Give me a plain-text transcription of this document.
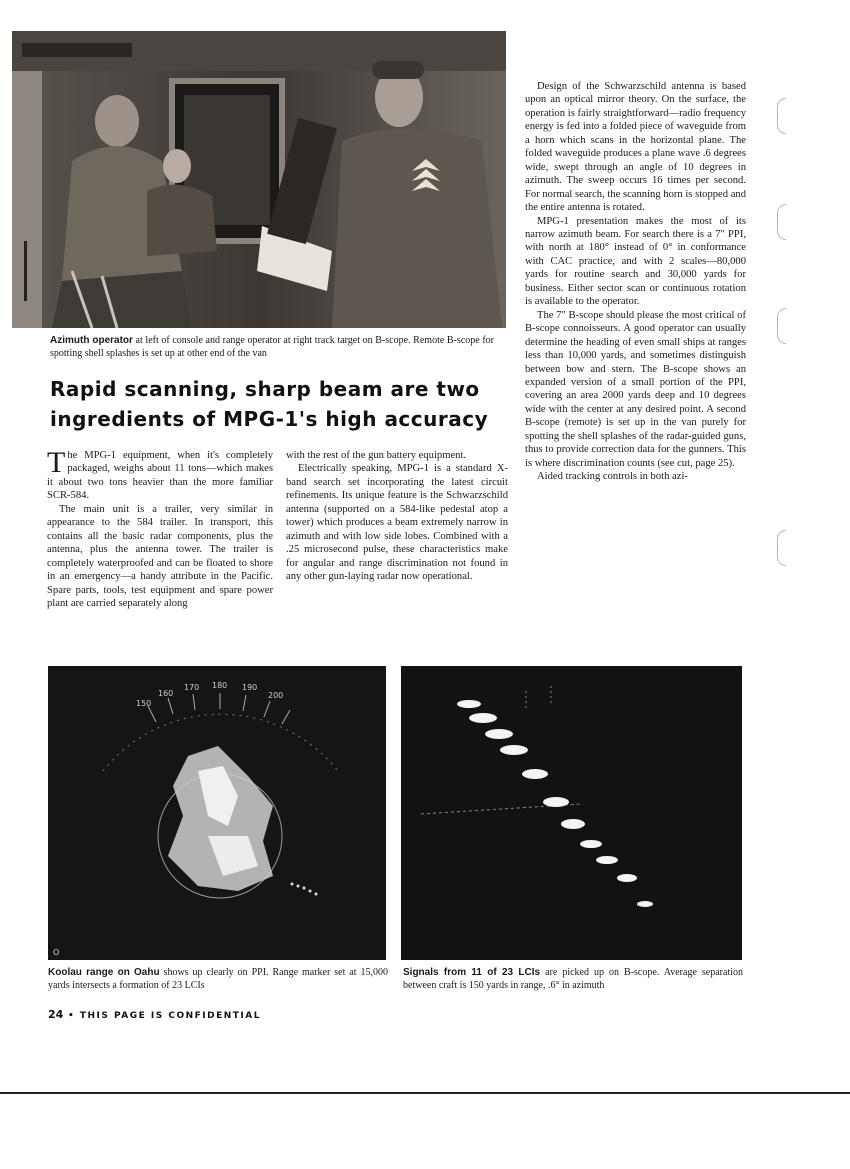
Azimuth operator at left of console and range operator at right track target on B-scope. Remote B-scope for spotting shell splashes is set up at other end of the van
Rapid scanning, sharp beam are two ingredients of MPG-1's high accuracy

The MPG-1 equipment, when it's completely packaged, weighs about 11 tons—which makes it about two tons heavier than the more familiar SCR-584.

The main unit is a trailer, very similar in appearance to the 584 trailer. In transport, this contains all the basic radar components, plus the antenna, plus the antenna tower. The trailer is completely waterproofed and can be floated to shore in an emergency—a handy attribute in the Pacific. Spare parts, tools, test equipment and spare power plant are carried separately along

with the rest of the gun battery equipment.

Electrically speaking, MPG-1 is a standard X-band search set incorporating the latest circuit refinements. Its unique feature is the Schwarzschild antenna (supported on a 584-like pedestal atop a tower) which produces a beam extremely narrow in azimuth and with low side lobes. Combined with a .25 microsecond pulse, these characteristics make for angular and range discrimination not found in any other gun-laying radar now operational.

Design of the Schwarzschild antenna is based upon an optical mirror theory. On the surface, the operation is fairly straightforward—radio frequency energy is fed into a folded piece of waveguide from a horn which scans in the horizontal plane. The folded waveguide produces a plane wave .6 degrees wide, swept through an angle of 10 degrees in azimuth. The sweep occurs 16 times per second. For normal search, the scanning horn is stopped and the entire antenna is rotated.

MPG-1 presentation makes the most of its narrow azimuth beam. For search there is a 7" PPI, with north at 180° instead of 0° in conformance with CAC practice, and with 2 scales—80,000 yards for routine search and 30,000 yards for business. Either sector scan or continuous rotation is available to the operator.

The 7" B-scope should please the most critical of B-scope connoisseurs. A good operator can usually determine the heading of even small ships at ranges less than 10,000 yards, and sometimes distinguish between bow and stern. The B-scope shows an expanded version of a small portion of the PPI, covering an area 2000 yards deep and 10 degrees wide with the center at any desired point. A second B-scope (remote) is set up in the van purely for spotting the shell splashes of the radar-guided guns, thus to provide correction data for the gunners. This is where discrimination counts (see cut, page 25).

Aided tracking controls in both azi-

170 180
160
190
150
200
O
Koolau range on Oahu shows up clearly on PPI. Range marker set at 15,000 yards intersects a formation of 23 LCIs
Signals from 11 of 23 LCIs are picked up on B-scope. Average separation between craft is 150 yards in range, .6° in azimuth
24 • THIS PAGE IS CONFIDENTIAL
